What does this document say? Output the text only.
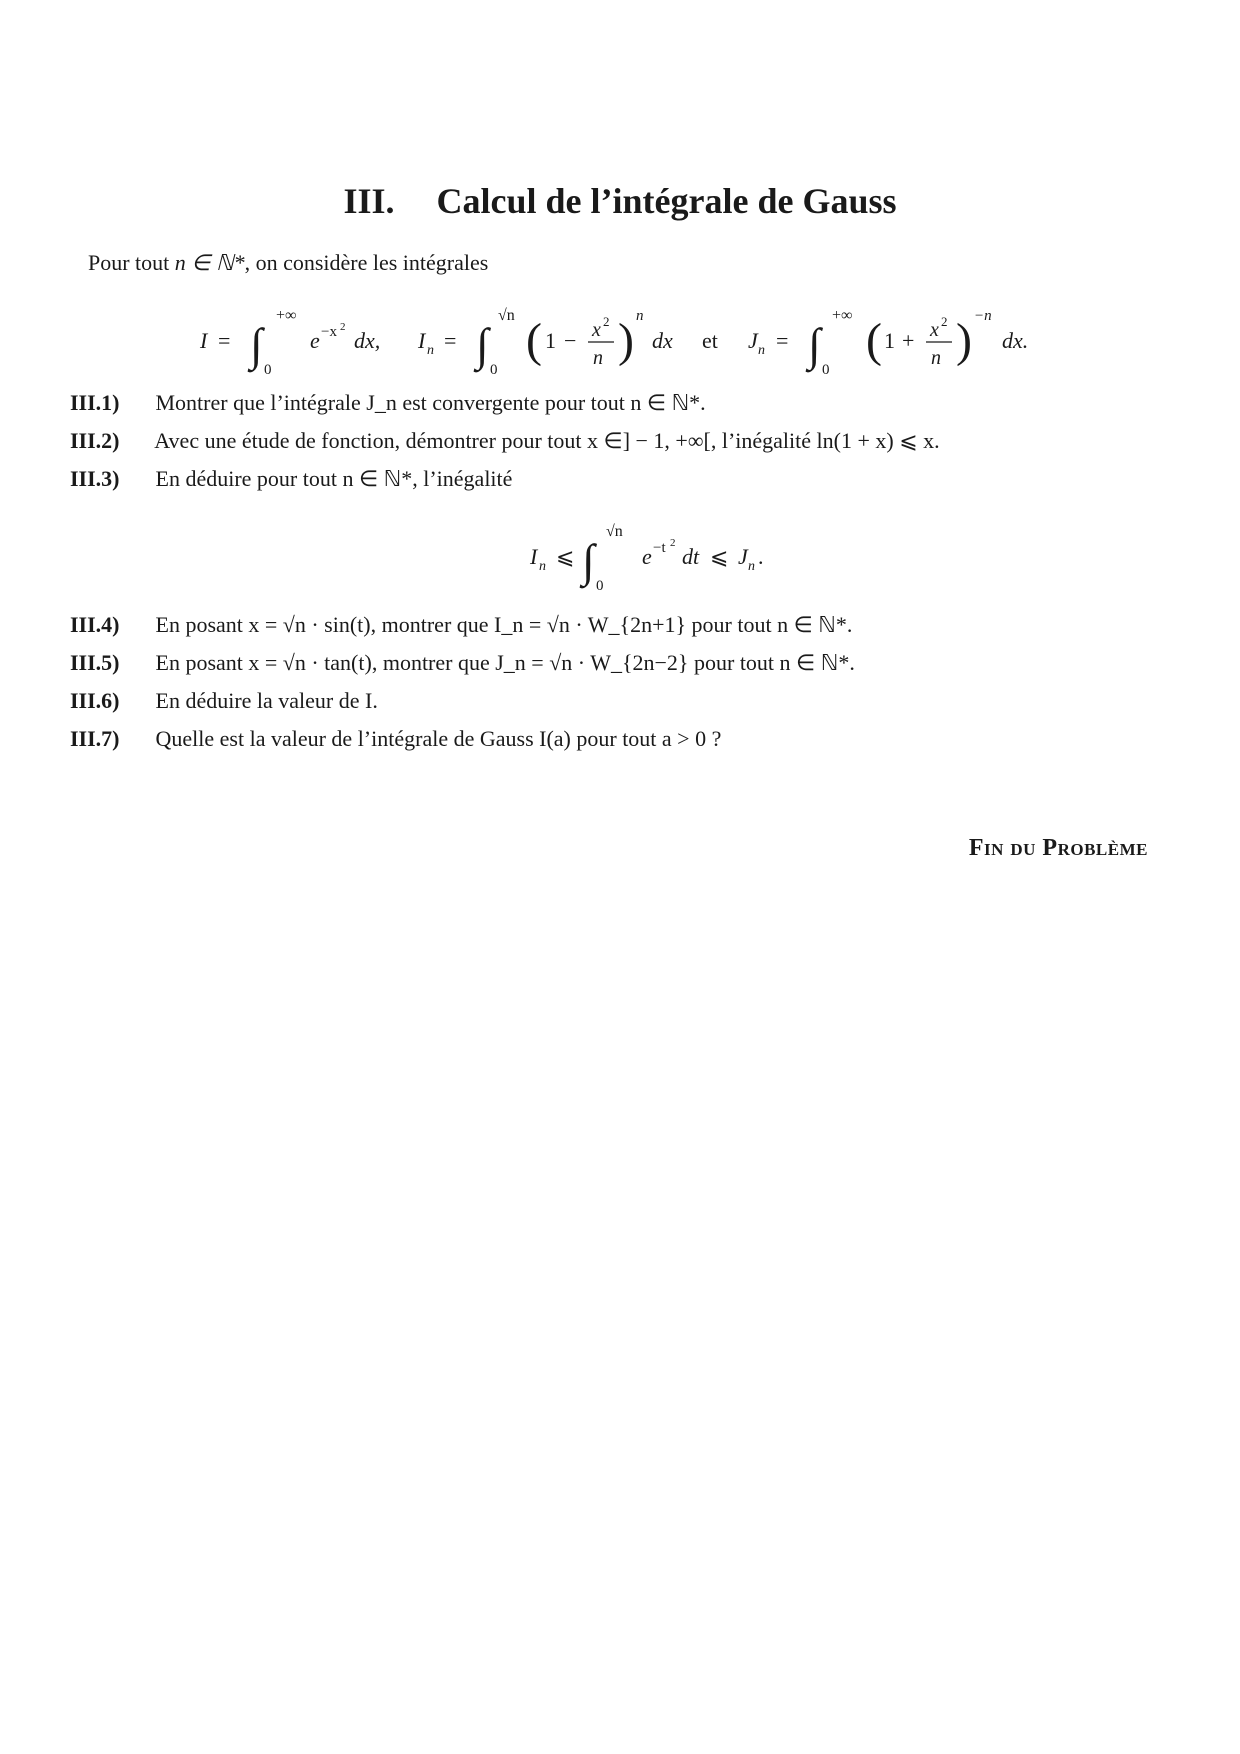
III. Calcul de l’intégrale de Gauss
Pour tout n ∈ ℕ*, on considère les intégrales
I = ∫
+∞
0
e −x 2
dx, I n = ∫
√n
0
( 1 − x 2
n ) n
dx et J n = ∫
+∞
0
( 1 + x 2
n ) −n
dx.
III.1) Montrer que l’intégrale J_n est convergente pour tout n ∈ ℕ*.
III.2) Avec une étude de fonction, démontrer pour tout x ∈] − 1, +∞[, l’inégalité ln(1 + x) ⩽ x.
III.3) En déduire pour tout n ∈ ℕ*, l’inégalité
I n ⩽ ∫
√n
0
e −t 2
dt ⩽ J n .
III.4) En posant x = √n · sin(t), montrer que I_n = √n · W_{2n+1} pour tout n ∈ ℕ*.
III.5) En posant x = √n · tan(t), montrer que J_n = √n · W_{2n−2} pour tout n ∈ ℕ*.
III.6) En déduire la valeur de I.
III.7) Quelle est la valeur de l’intégrale de Gauss I(a) pour tout a > 0 ?
Fin du Problème
